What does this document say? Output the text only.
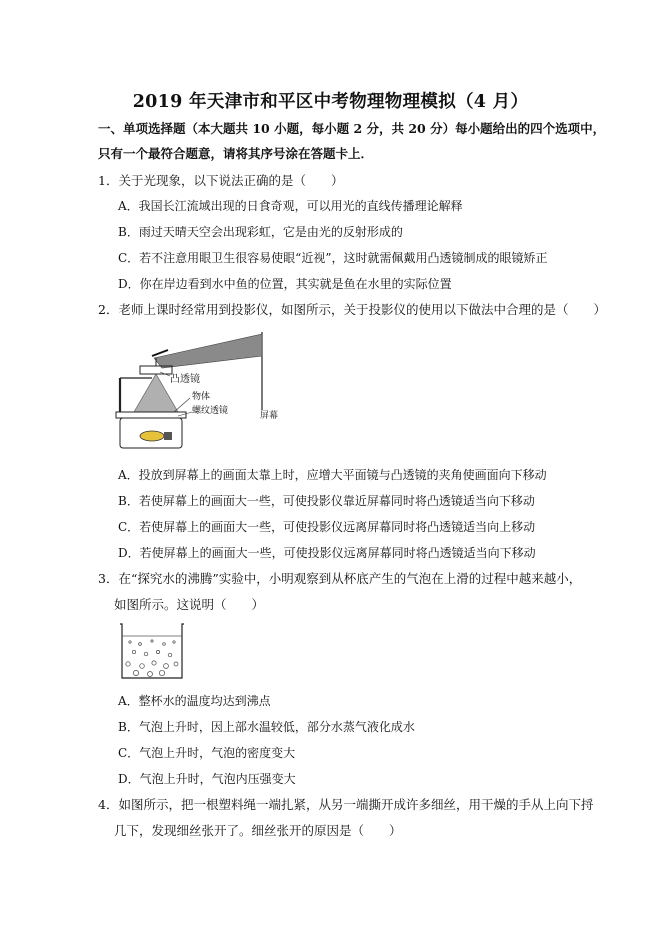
2019 年天津市和平区中考物理物理模拟（4 月）
一、单项选择题（本大题共 10 小题，每小题 2 分，共 20 分）每小题给出的四个选项中，
只有一个最符合题意，请将其序号涂在答题卡上．
1．关于光现象，以下说法正确的是（　　）
A．我国长江流域出现的日食奇观，可以用光的直线传播理论解释
B．雨过天晴天空会出现彩虹，它是由光的反射形成的
C．若不注意用眼卫生很容易使眼“近视”，这时就需佩戴用凸透镜制成的眼镜矫正
D．你在岸边看到水中鱼的位置，其实就是鱼在水里的实际位置
2．老师上课时经常用到投影仪，如图所示，关于投影仪的使用以下做法中合理的是（　　）
凸透镜
物体
螺纹透镜	屏幕
A．投放到屏幕上的画面太靠上时，应增大平面镜与凸透镜的夹角使画面向下移动
B．若使屏幕上的画面大一些，可使投影仪靠近屏幕同时将凸透镜适当向下移动
C．若使屏幕上的画面大一些，可使投影仪远离屏幕同时将凸透镜适当向上移动
D．若使屏幕上的画面大一些，可使投影仪远离屏幕同时将凸透镜适当向下移动
3．在“探究水的沸腾”实验中，小明观察到从杯底产生的气泡在上滑的过程中越来越小，
如图所示。这说明（　　）
A．整杯水的温度均达到沸点
B．气泡上升时，因上部水温较低，部分水蒸气液化成水
C．气泡上升时，气泡的密度变大
D．气泡上升时，气泡内压强变大
4．如图所示，把一根塑料绳一端扎紧，从另一端撕开成许多细丝，用干燥的手从上向下捋
几下，发现细丝张开了。细丝张开的原因是（　　）
